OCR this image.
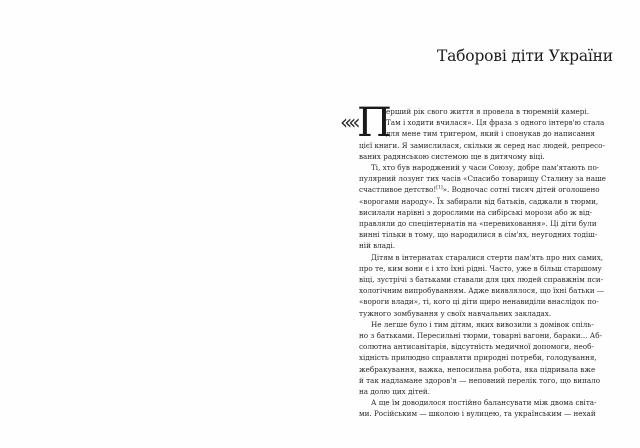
Таборові діти України
«« П
ерший рік свого життя я провела в тюремній камері.
Там і ходити вчилася». Ця фраза з одного інтерв'ю стала
для мене тим тригером, який і спонукав до написання
цієї книги. Я замислилася, скільки ж серед нас людей, репресо-
ваних радянською системою ще в дитячому віці.
Ті, хто був народжений у часи Союзу, добре пам'ятають по-
пулярний лозунг тих часів «Спасибо товарищу Сталину за наше
счастливое детство![1]». Водночас сотні тисяч дітей оголошено
«ворогами народу». Їх забирали від батьків, саджали в тюрми,
висилали нарівні з дорослими на сибірські морози або ж від-
правляли до спецінтернатів на «перевиховання». Ці діти були
винні тільки в тому, що народилися в сім'ях, неугодних тодіш-
ній владі.
Дітям в інтернатах старалися стерти пам'ять про них самих,
про те, ким вони є і хто їхні рідні. Часто, уже в більш старшому
віці, зустрічі з батьками ставали для цих людей справжнім пси-
хологічним випробуванням. Адже виявлялося, що їхні батьки —
«вороги влади», ті, кого ці діти щиро ненавиділи внаслідок по-
тужного зомбування у своїх навчальних закладах.
Не легше було і тим дітям, яких вивозили з домівок спіль-
но з батьками. Пересильні тюрми, товарні вагони, бараки... Аб-
солютна антисанітарія, відсутність медичної допомоги, необ-
хідність прилюдно справляти природні потреби, голодування,
жебракування, важка, непосильна робота, яка підривала вже
й так надламане здоров'я — неповний перелік того, що випало
на долю цих дітей.
А ще їм доводилося постійно балансувати між двома світа-
ми. Російським — школою і вулицею, та українським — нехай
